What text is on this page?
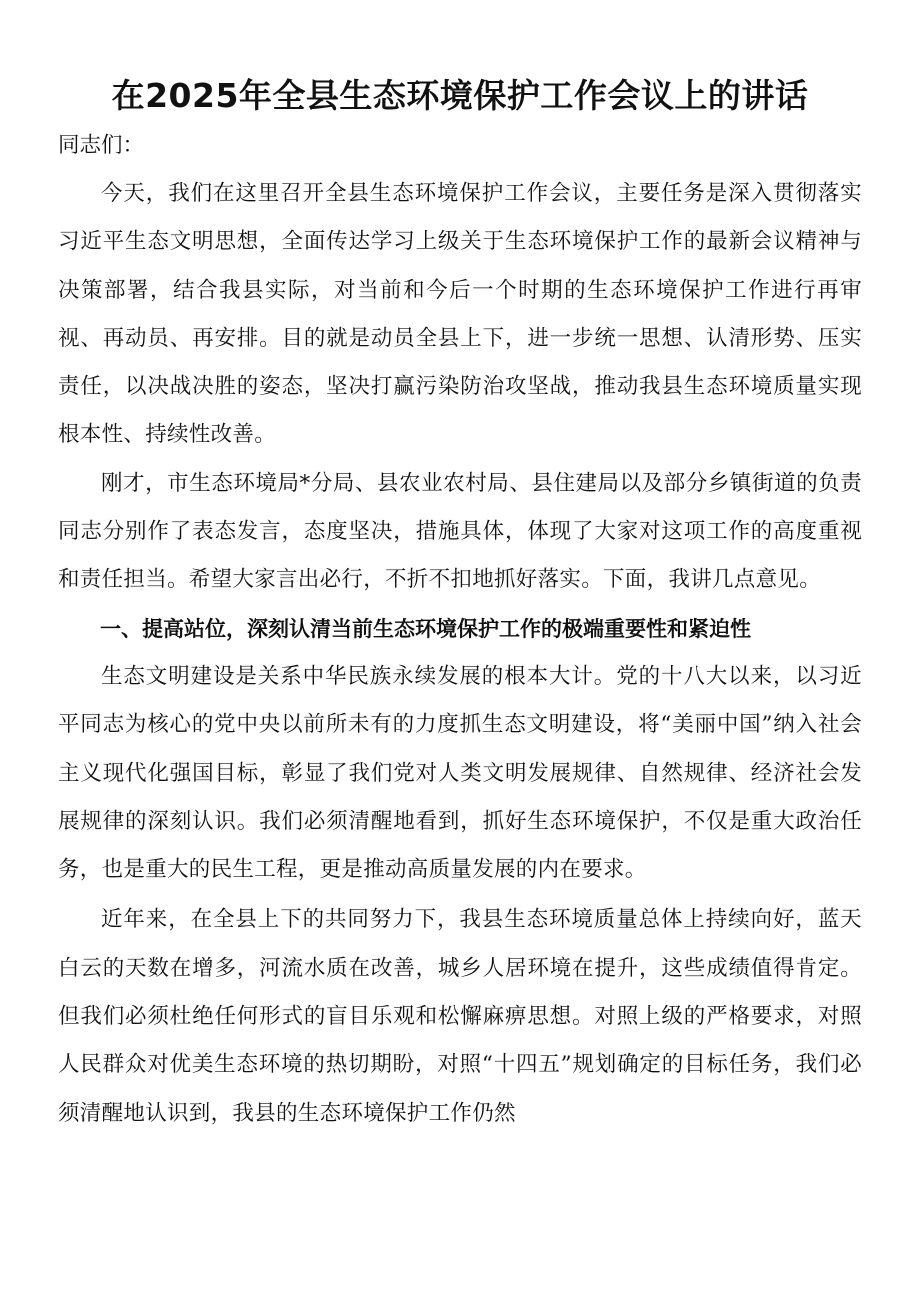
在2025年全县生态环境保护工作会议上的讲话

同志们：

今天，我们在这里召开全县生态环境保护工作会议，主要任务是深入贯彻落实习近平生态文明思想，全面传达学习上级关于生态环境保护工作的最新会议精神与决策部署，结合我县实际，对当前和今后一个时期的生态环境保护工作进行再审视、再动员、再安排。目的就是动员全县上下，进一步统一思想、认清形势、压实责任，以决战决胜的姿态，坚决打赢污染防治攻坚战，推动我县生态环境质量实现根本性、持续性改善。

刚才，市生态环境局*分局、县农业农村局、县住建局以及部分乡镇街道的负责同志分别作了表态发言，态度坚决，措施具体，体现了大家对这项工作的高度重视和责任担当。希望大家言出必行，不折不扣地抓好落实。下面，我讲几点意见。

一、提高站位，深刻认清当前生态环境保护工作的极端重要性和紧迫性

生态文明建设是关系中华民族永续发展的根本大计。党的十八大以来，以习近平同志为核心的党中央以前所未有的力度抓生态文明建设，将“美丽中国”纳入社会主义现代化强国目标，彰显了我们党对人类文明发展规律、自然规律、经济社会发展规律的深刻认识。我们必须清醒地看到，抓好生态环境保护，不仅是重大政治任务，也是重大的民生工程，更是推动高质量发展的内在要求。

近年来，在全县上下的共同努力下，我县生态环境质量总体上持续向好，蓝天白云的天数在增多，河流水质在改善，城乡人居环境在提升，这些成绩值得肯定。但我们必须杜绝任何形式的盲目乐观和松懈麻痹思想。对照上级的严格要求，对照人民群众对优美生态环境的热切期盼，对照“十四五”规划确定的目标任务，我们必须清醒地认识到，我县的生态环境保护工作仍然
